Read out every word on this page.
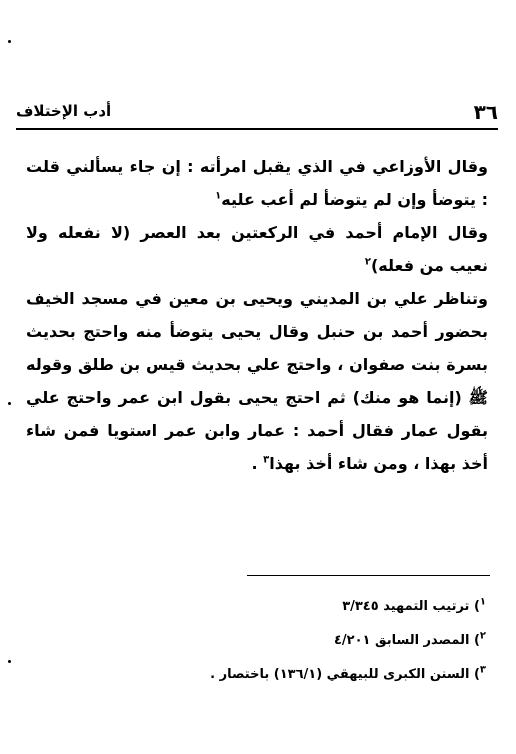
٣٦
أدب الإختلاف

وقال الأوزاعي في الذي يقبل امرأته : إن جاء يسألني قلت : يتوضأ وإن لم يتوضأ لم أعب عليه$^١$

وقال الإمام أحمد في الركعتين بعد العصر (لا نفعله ولا نعيب من فعله)$^٢$

وتناظر علي بن المديني ويحيى بن معين في مسجد الخيف بحضور أحمد بن حنبل وقال يحيى يتوضأ منه واحتج بحديث بسرة بنت صفوان ، واحتج علي بحديث قيس بن طلق وقوله ﷺ (إنما هو منك) ثم احتج يحيى بقول ابن عمر واحتج علي بقول عمار فقال أحمد : عمار وابن عمر استويا فمن شاء أخذ بهذا ، ومن شاء أخذ بهذا$^٣$ .

$^١$) ترتيب التمهيد ٣/٣٤٥
$^٢$) المصدر السابق ٤/٢٠١
$^٣$) السنن الكبرى للبيهقي (١٣٦/١) باختصار .
